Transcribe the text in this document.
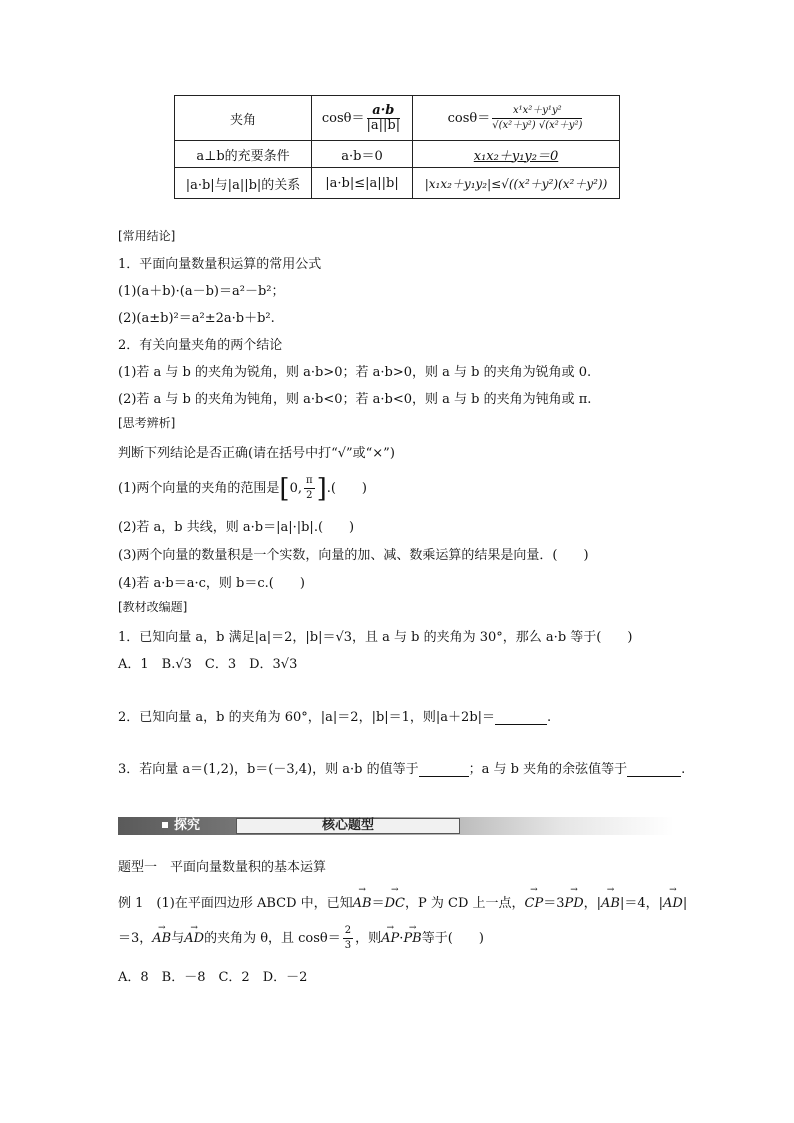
夹角	$\cos\theta= \frac{a\cdot b}{|a||b|}$	$\cos\theta= \frac{\text{x¹x²＋y¹y²}}{\text{√(x²＋y²) √(x²＋y²)}}$

a⊥b的充要条件	a·b＝0	x₁x₂＋y₁y₂＝0
|a·b|与|a||b|的关系	|a·b|≤|a||b|	|x₁x₂＋y₁y₂|≤√((x²＋y²)(x²＋y²))
[常用结论]
1．平面向量数量积运算的常用公式
(1)(a＋b)·(a－b)＝a²－b²；
(2)(a±b)²＝a²±2a·b＋b².
2．有关向量夹角的两个结论
(1)若 a 与 b 的夹角为锐角，则 a·b>0；若 a·b>0，则 a 与 b 的夹角为锐角或 0.
(2)若 a 与 b 的夹角为钝角，则 a·b<0；若 a·b<0，则 a 与 b 的夹角为钝角或 π.
[思考辨析]
判断下列结论是否正确(请在括号中打“√”或“×”)
(1)两个向量的夹角的范围是[0, $\frac{\pi}{2}$ ].(　　)
(2)若 a，b 共线，则 a·b＝|a|·|b|.(　　)
(3)两个向量的数量积是一个实数，向量的加、减、数乘运算的结果是向量．(　　)
(4)若 a·b＝a·c，则 b＝c.(　　)
[教材改编题]
1．已知向量 a，b 满足|a|＝2，|b|＝√3，且 a 与 b 的夹角为 30°，那么 a·b 等于(　　)
A．1　B.√3　C．3　D．3√3
2．已知向量 a，b 的夹角为 60°，|a|＝2，|b|＝1，则|a＋2b|＝	.
3．若向量 a＝(1,2)，b＝(－3,4)，则 a·b 的值等于	；a 与 b 夹角的余弦值等于	.
探究	核心题型
题型一　平面向量数量积的基本运算
例 1　(1)在平面四边形 ABCD 中，已知→ AB＝→ DC，P 为 CD 上一点，→ CP＝3→ PD，|→ AB|＝4，|→ AD|
＝3，→ AB与→ AD的夹角为 θ，且 $\cos\theta= \frac{2}{3}$ ，则→ AP·→ PB等于(　　)
A．8　B．－8　C．2　D．－2
